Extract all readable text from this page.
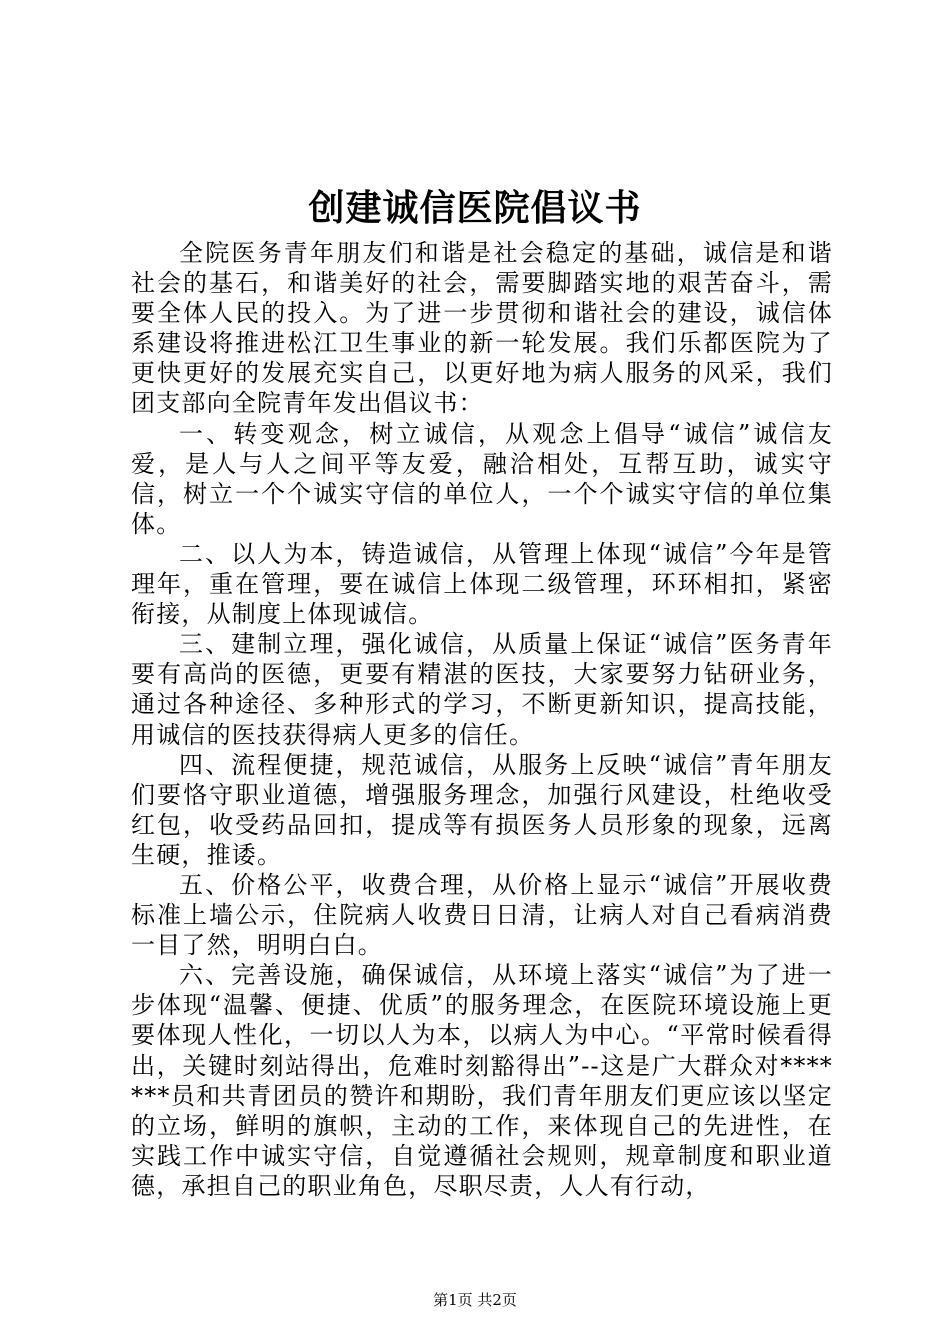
创建诚信医院倡议书

全院医务青年朋友们和谐是社会稳定的基础，诚信是和谐社会的基石，和谐美好的社会，需要脚踏实地的艰苦奋斗，需要全体人民的投入。为了进一步贯彻和谐社会的建设，诚信体系建设将推进松江卫生事业的新一轮发展。我们乐都医院为了更快更好的发展充实自己，以更好地为病人服务的风采，我们团支部向全院青年发出倡议书：

一、转变观念，树立诚信，从观念上倡导“诚信”诚信友爱，是人与人之间平等友爱，融洽相处，互帮互助，诚实守信，树立一个个诚实守信的单位人，一个个诚实守信的单位集体。

二、以人为本，铸造诚信，从管理上体现“诚信”今年是管理年，重在管理，要在诚信上体现二级管理，环环相扣，紧密衔接，从制度上体现诚信。

三、建制立理，强化诚信，从质量上保证“诚信”医务青年要有高尚的医德，更要有精湛的医技，大家要努力钻研业务，通过各种途径、多种形式的学习，不断更新知识，提高技能，用诚信的医技获得病人更多的信任。

四、流程便捷，规范诚信，从服务上反映“诚信”青年朋友们要恪守职业道德，增强服务理念，加强行风建设，杜绝收受红包，收受药品回扣，提成等有损医务人员形象的现象，远离生硬，推诿。

五、价格公平，收费合理，从价格上显示“诚信”开展收费标准上墙公示，住院病人收费日日清，让病人对自己看病消费一目了然，明明白白。

六、完善设施，确保诚信，从环境上落实“诚信”为了进一步体现“温馨、便捷、优质”的服务理念，在医院环境设施上更要体现人性化，一切以人为本，以病人为中心。“平常时候看得出，关键时刻站得出，危难时刻豁得出”--这是广大群众对*******员和共青团员的赞许和期盼，我们青年朋友们更应该以坚定的立场，鲜明的旗帜，主动的工作，来体现自己的先进性，在实践工作中诚实守信，自觉遵循社会规则，规章制度和职业道德，承担自己的职业角色，尽职尽责，人人有行动，

第1页 共2页
